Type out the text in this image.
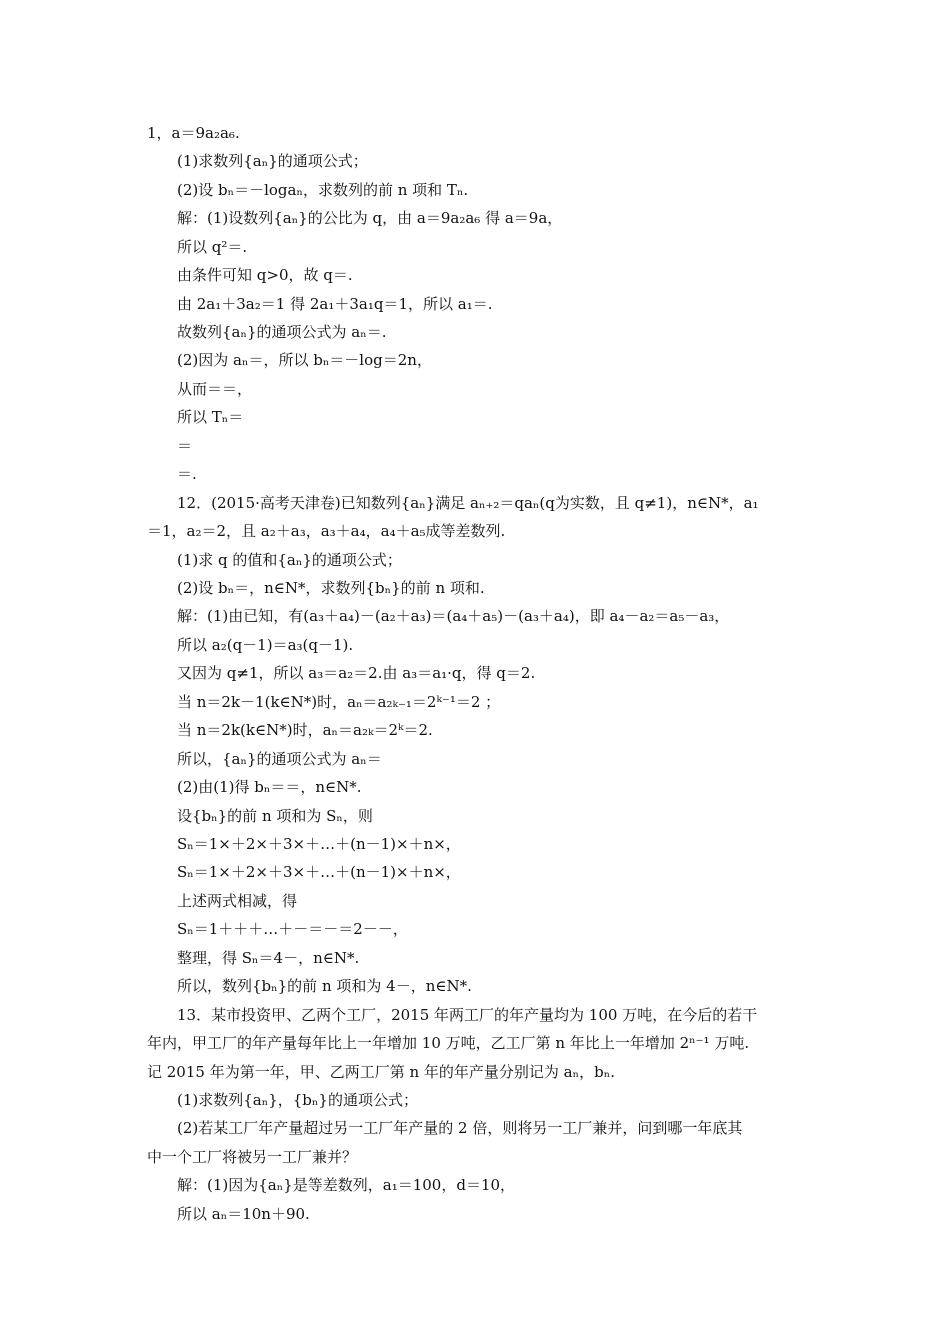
1，a＝9a₂a₆.
(1)求数列{aₙ}的通项公式；
(2)设 bₙ＝－logaₙ，求数列的前 n 项和 Tₙ.
解：(1)设数列{aₙ}的公比为 q，由 a＝9a₂a₆ 得 a＝9a，
所以 q²＝.
由条件可知 q>0，故 q＝.
由 2a₁＋3a₂＝1 得 2a₁＋3a₁q＝1，所以 a₁＝.
故数列{aₙ}的通项公式为 aₙ＝.
(2)因为 aₙ＝，所以 bₙ＝－log＝2n，
从而＝＝，
所以 Tₙ＝
＝
＝.
12．(2015·高考天津卷)已知数列{aₙ}满足 aₙ₊₂＝qaₙ(q为实数，且 q≠1)，n∈N*，a₁
＝1，a₂＝2，且 a₂＋a₃，a₃＋a₄，a₄＋a₅成等差数列.
(1)求 q 的值和{aₙ}的通项公式；
(2)设 bₙ＝，n∈N*，求数列{bₙ}的前 n 项和.
解：(1)由已知，有(a₃＋a₄)－(a₂＋a₃)＝(a₄＋a₅)－(a₃＋a₄)，即 a₄－a₂＝a₅－a₃，
所以 a₂(q－1)＝a₃(q－1).
又因为 q≠1，所以 a₃＝a₂＝2.由 a₃＝a₁·q，得 q＝2.
当 n＝2k－1(k∈N*)时，aₙ＝a₂ₖ₋₁＝2ᵏ⁻¹＝2 ；
当 n＝2k(k∈N*)时，aₙ＝a₂ₖ＝2ᵏ＝2.
所以，{aₙ}的通项公式为 aₙ＝
(2)由(1)得 bₙ＝＝，n∈N*.
设{bₙ}的前 n 项和为 Sₙ，则
Sₙ＝1×＋2×＋3×＋…＋(n－1)×＋n×，
Sₙ＝1×＋2×＋3×＋…＋(n－1)×＋n×，
上述两式相减，得
Sₙ＝1＋＋＋…＋－＝－＝2－－，
整理，得 Sₙ＝4－，n∈N*.
所以，数列{bₙ}的前 n 项和为 4－，n∈N*.
13．某市投资甲、乙两个工厂，2015 年两工厂的年产量均为 100 万吨，在今后的若干
年内，甲工厂的年产量每年比上一年增加 10 万吨，乙工厂第 n 年比上一年增加 2ⁿ⁻¹ 万吨.
记 2015 年为第一年，甲、乙两工厂第 n 年的年产量分别记为 aₙ，bₙ.
(1)求数列{aₙ}，{bₙ}的通项公式；
(2)若某工厂年产量超过另一工厂年产量的 2 倍，则将另一工厂兼并，问到哪一年底其
中一个工厂将被另一工厂兼并？
解：(1)因为{aₙ}是等差数列，a₁＝100，d＝10，
所以 aₙ＝10n＋90.
